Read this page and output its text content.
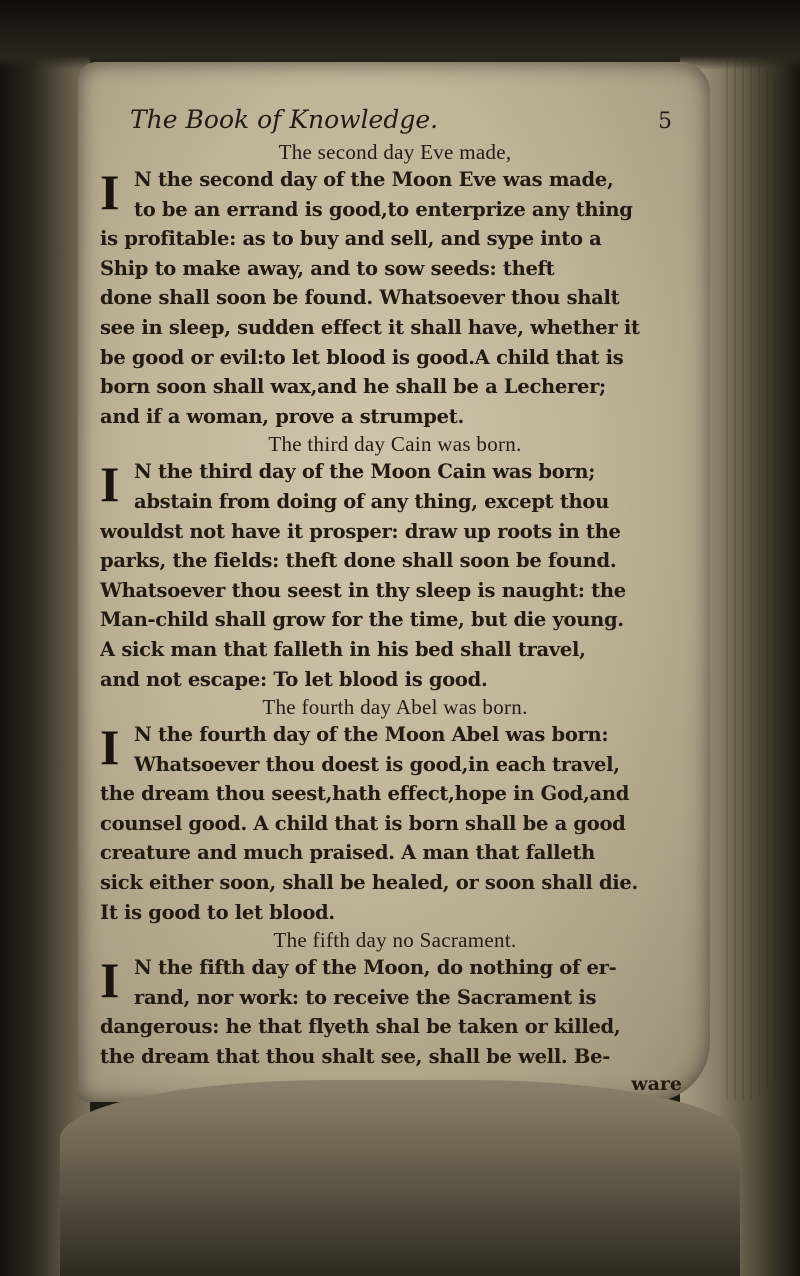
The Book of Knowledge.	5
The second day Eve made,
I N the second day of the Moon Eve was made,
to be an errand is good,to enterprize any thing
is profitable: as to buy and sell, and sype into a
Ship to make away, and to sow seeds: theft
done shall soon be found. Whatsoever thou shalt
see in sleep, sudden effect it shall have, whether it
be good or evil:to let blood is good.A child that is
born soon shall wax,and he shall be a Lecherer;
and if a woman, prove a strumpet.
The third day Cain was born.
I N the third day of the Moon Cain was born;
abstain from doing of any thing, except thou
wouldst not have it prosper: draw up roots in the
parks, the fields: theft done shall soon be found.
Whatsoever thou seest in thy sleep is naught: the
Man-child shall grow for the time, but die young.
A sick man that falleth in his bed shall travel,
and not escape: To let blood is good.
The fourth day Abel was born.
I N the fourth day of the Moon Abel was born:
Whatsoever thou doest is good,in each travel,
the dream thou seest,hath effect,hope in God,and
counsel good. A child that is born shall be a good
creature and much praised. A man that falleth
sick either soon, shall be healed, or soon shall die.
It is good to let blood.
The fifth day no Sacrament.
I N the fifth day of the Moon, do nothing of er-
rand, nor work: to receive the Sacrament is
dangerous: he that flyeth shal be taken or killed,
the dream that thou shalt see, shall be well. Be-
ware
